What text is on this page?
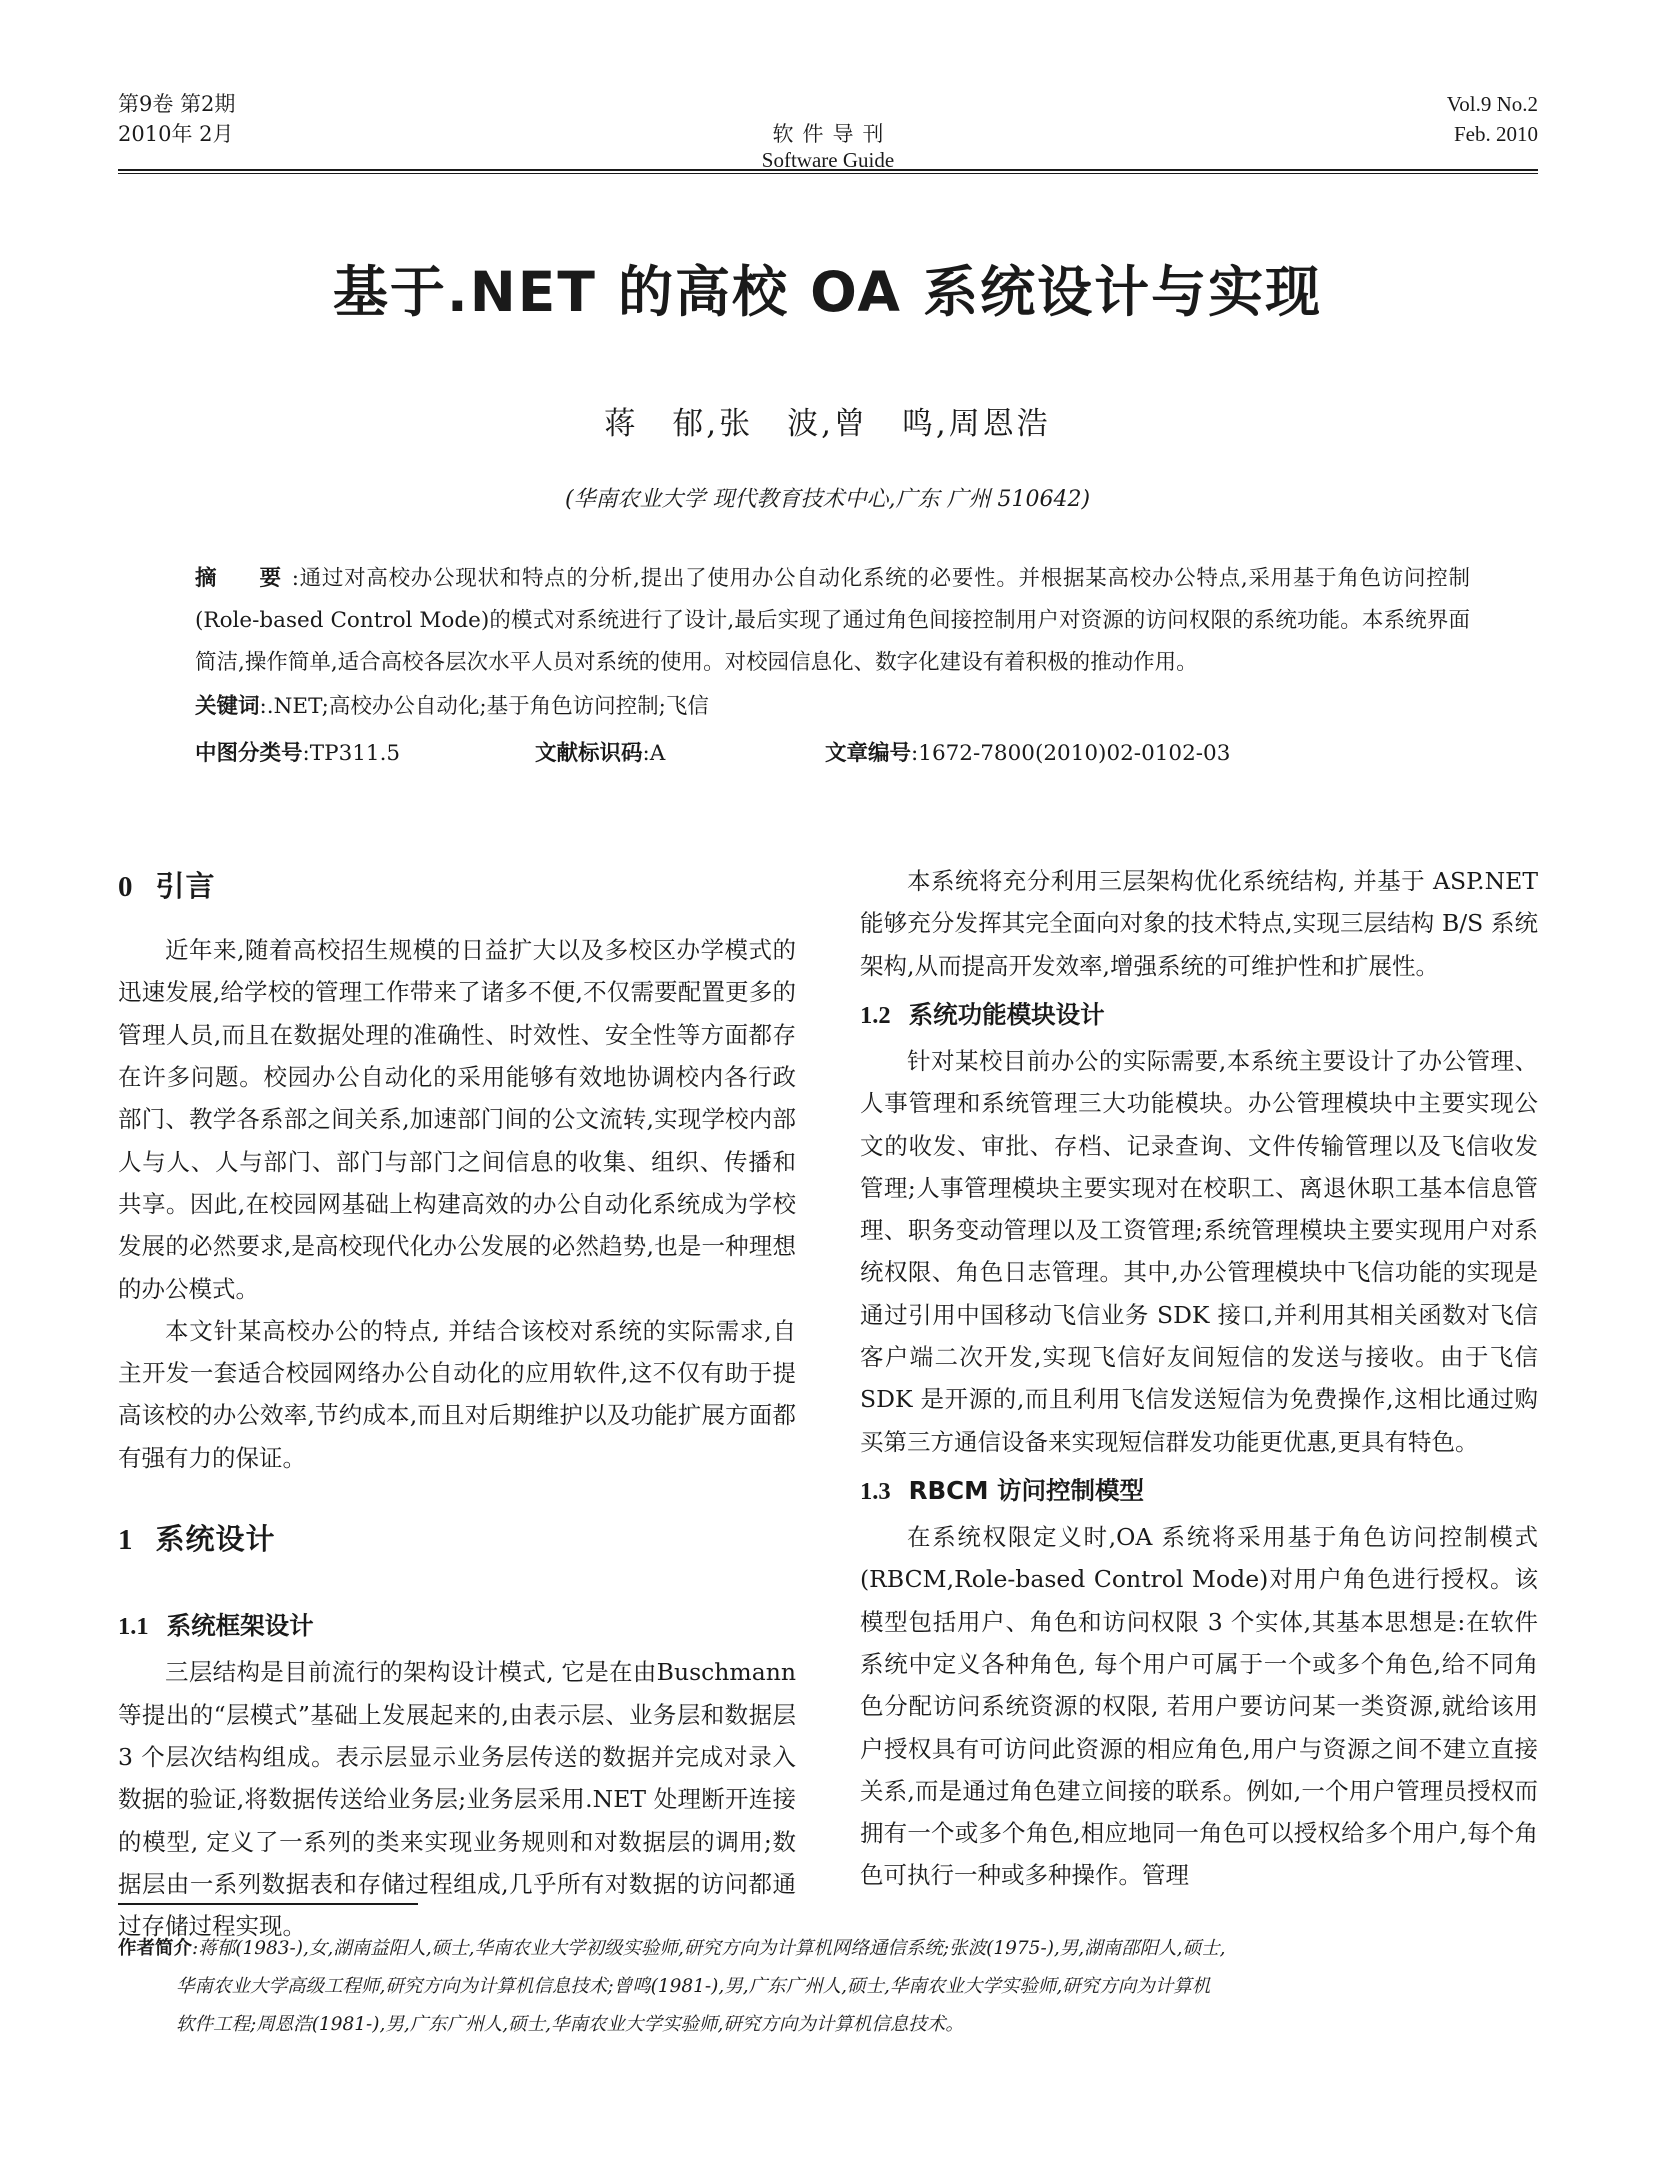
第9卷 第2期	Vol.9 No.2
软件导刊
2010年 2月	Feb. 2010
Software Guide
基于.NET 的高校 OA 系统设计与实现
蒋　郁,张　波,曾　鸣,周恩浩
(华南农业大学 现代教育技术中心,广东 广州 510642)
摘　要:通过对高校办公现状和特点的分析,提出了使用办公自动化系统的必要性。并根据某高校办公特点,采用基于角色访问控制(Role-based Control Mode)的模式对系统进行了设计,最后实现了通过角色间接控制用户对资源的访问权限的系统功能。本系统界面简洁,操作简单,适合高校各层次水平人员对系统的使用。对校园信息化、数字化建设有着积极的推动作用。
关键词:.NET;高校办公自动化;基于角色访问控制;飞信
中图分类号:TP311.5	文献标识码:A	文章编号:1672-7800(2010)02-0102-03
0 引言

近年来,随着高校招生规模的日益扩大以及多校区办学模式的迅速发展,给学校的管理工作带来了诸多不便,不仅需要配置更多的管理人员,而且在数据处理的准确性、时效性、安全性等方面都存在许多问题。校园办公自动化的采用能够有效地协调校内各行政部门、教学各系部之间关系,加速部门间的公文流转,实现学校内部人与人、人与部门、部门与部门之间信息的收集、组织、传播和共享。因此,在校园网基础上构建高效的办公自动化系统成为学校发展的必然要求,是高校现代化办公发展的必然趋势,也是一种理想的办公模式。

本文针某高校办公的特点, 并结合该校对系统的实际需求,自主开发一套适合校园网络办公自动化的应用软件,这不仅有助于提高该校的办公效率,节约成本,而且对后期维护以及功能扩展方面都有强有力的保证。

1 系统设计
1.1 系统框架设计

三层结构是目前流行的架构设计模式, 它是在由Buschmann 等提出的“层模式”基础上发展起来的,由表示层、业务层和数据层 3 个层次结构组成。表示层显示业务层传送的数据并完成对录入数据的验证,将数据传送给业务层;业务层采用.NET 处理断开连接的模型, 定义了一系列的类来实现业务规则和对数据层的调用;数据层由一系列数据表和存储过程组成,几乎所有对数据的访问都通过存储过程实现。

本系统将充分利用三层架构优化系统结构, 并基于 ASP.NET 能够充分发挥其完全面向对象的技术特点,实现三层结构 B/S 系统架构,从而提高开发效率,增强系统的可维护性和扩展性。

1.2 系统功能模块设计

针对某校目前办公的实际需要,本系统主要设计了办公管理、人事管理和系统管理三大功能模块。办公管理模块中主要实现公文的收发、审批、存档、记录查询、文件传输管理以及飞信收发管理;人事管理模块主要实现对在校职工、离退休职工基本信息管理、职务变动管理以及工资管理;系统管理模块主要实现用户对系统权限、角色日志管理。其中,办公管理模块中飞信功能的实现是通过引用中国移动飞信业务 SDK 接口,并利用其相关函数对飞信客户端二次开发,实现飞信好友间短信的发送与接收。由于飞信 SDK 是开源的,而且利用飞信发送短信为免费操作,这相比通过购买第三方通信设备来实现短信群发功能更优惠,更具有特色。

1.3 RBCM 访问控制模型

在系统权限定义时,OA 系统将采用基于角色访问控制模式(RBCM,Role-based Control Mode)对用户角色进行授权。该模型包括用户、角色和访问权限 3 个实体,其基本思想是:在软件系统中定义各种角色, 每个用户可属于一个或多个角色,给不同角色分配访问系统资源的权限, 若用户要访问某一类资源,就给该用户授权具有可访问此资源的相应角色,用户与资源之间不建立直接关系,而是通过角色建立间接的联系。例如,一个用户管理员授权而拥有一个或多个角色,相应地同一角色可以授权给多个用户,每个角色可执行一种或多种操作。管理

作者简介:蒋郁(1983-),女,湖南益阳人,硕士,华南农业大学初级实验师,研究方向为计算机网络通信系统;张波(1975-),男,湖南邵阳人,硕士,
华南农业大学高级工程师,研究方向为计算机信息技术;曾鸣(1981-),男,广东广州人,硕士,华南农业大学实验师,研究方向为计算机
软件工程;周恩浩(1981-),男,广东广州人,硕士,华南农业大学实验师,研究方向为计算机信息技术。
